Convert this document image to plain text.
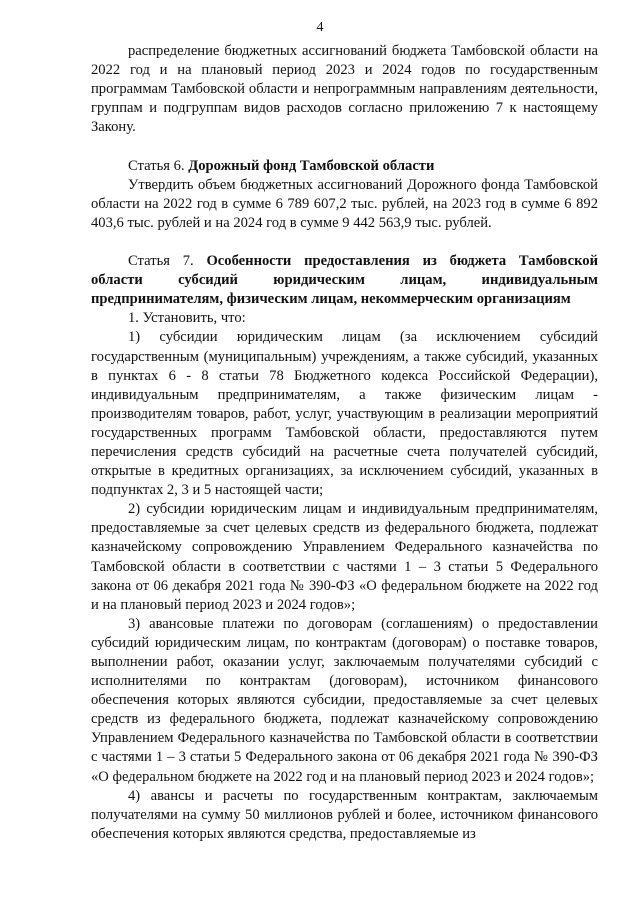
4

распределение бюджетных ассигнований бюджета Тамбовской области на 2022 год и на плановый период 2023 и 2024 годов по государственным программам Тамбовской области и непрограммным направлениям деятельности, группам и подгруппам видов расходов согласно приложению 7 к настоящему Закону.

Статья 6. Дорожный фонд Тамбовской области

Утвердить объем бюджетных ассигнований Дорожного фонда Тамбовской области на 2022 год в сумме 6 789 607,2 тыс. рублей, на 2023 год в сумме 6 892 403,6 тыс. рублей и на 2024 год в сумме 9 442 563,9 тыс. рублей.

Статья 7. Особенности предоставления из бюджета Тамбовской области субсидий юридическим лицам, индивидуальным предпринимателям, физическим лицам, некоммерческим организациям

1. Установить, что:

1) субсидии юридическим лицам (за исключением субсидий государственным (муниципальным) учреждениям, а также субсидий, указанных в пунктах 6 - 8 статьи 78 Бюджетного кодекса Российской Федерации), индивидуальным предпринимателям, а также физическим лицам - производителям товаров, работ, услуг, участвующим в реализации мероприятий государственных программ Тамбовской области, предоставляются путем перечисления средств субсидий на расчетные счета получателей субсидий, открытые в кредитных организациях, за исключением субсидий, указанных в подпунктах 2, 3 и 5 настоящей части;

2) субсидии юридическим лицам и индивидуальным предпринимателям, предоставляемые за счет целевых средств из федерального бюджета, подлежат казначейскому сопровождению Управлением Федерального казначейства по Тамбовской области в соответствии с частями 1 – 3 статьи 5 Федерального закона от 06 декабря 2021 года № 390-ФЗ «О федеральном бюджете на 2022 год и на плановый период 2023 и 2024 годов»;

3) авансовые платежи по договорам (соглашениям) о предоставлении субсидий юридическим лицам, по контрактам (договорам) о поставке товаров, выполнении работ, оказании услуг, заключаемым получателями субсидий с исполнителями по контрактам (договорам), источником финансового обеспечения которых являются субсидии, предоставляемые за счет целевых средств из федерального бюджета, подлежат казначейскому сопровождению Управлением Федерального казначейства по Тамбовской области в соответствии с частями 1 – 3 статьи 5 Федерального закона от 06 декабря 2021 года № 390-ФЗ «О федеральном бюджете на 2022 год и на плановый период 2023 и 2024 годов»;

4) авансы и расчеты по государственным контрактам, заключаемым получателями на сумму 50 миллионов рублей и более, источником финансового обеспечения которых являются средства, предоставляемые из
